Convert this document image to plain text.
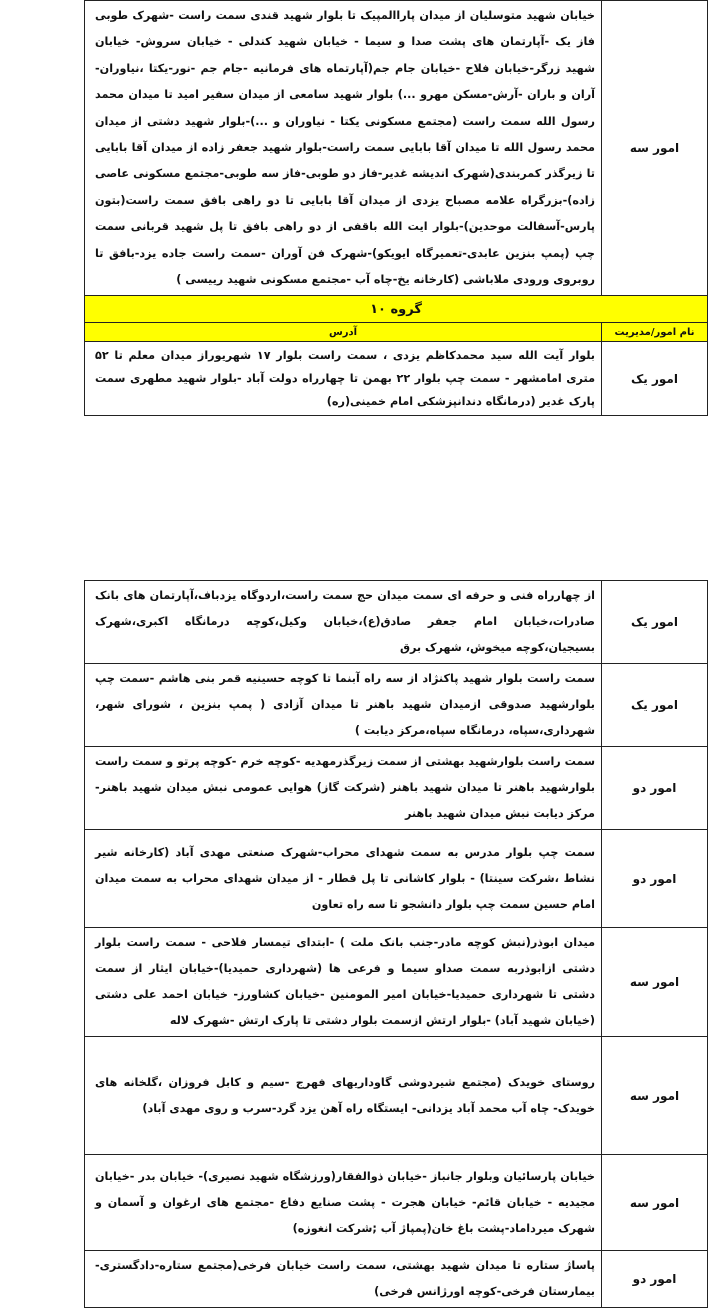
امور سه	خیابان شهید متوسلیان از میدان پاراالمپیک تا بلوار شهید قندی سمت راست -شهرک طوبی فاز یک -آپارتمان های پشت صدا و سیما - خیابان شهید کندلی - خیابان سروش- خیابان شهید زرگر-خیابان فلاح -خیابان جام جم(آپارتماه های فرمانیه -جام جم -نور-یکتا ،نیاوران-آران و باران -آرش-مسکن مهرو ...) بلوار شهید سامعی از میدان سفیر امید تا میدان محمد رسول الله سمت راست (مجتمع مسکونی یکتا - نیاوران و ...)-بلوار شهید دشتی از میدان محمد رسول الله تا میدان آقا بابایی سمت راست-بلوار شهید جعفر زاده از میدان آقا بابایی تا زیرگذر کمربندی(شهرک اندیشه غدیر-فاز دو طوبی-فاز سه طوبی-مجتمع مسکونی عاصی زاده)-بزرگراه علامه مصباح یزدی از میدان آقا بابایی تا دو راهی بافق سمت راست(بتون پارس-آسفالت موحدین)-بلوار ایت الله باقفی از دو راهی بافق تا پل شهید قربانی سمت چپ (پمپ بنزین عابدی-تعمیرگاه ایویکو)-شهرک فن آوران -سمت راست جاده یزد-بافق تا روبروی ورودی ملاباشی (کارخانه یخ-چاه آب -مجتمع مسکونی شهید رییسی )
گروه ۱۰	
نام امور/مدیریت	آدرس
امور یک	بلوار آیت الله سید محمدکاظم یزدی ، سمت راست بلوار ۱۷ شهریوراز میدان معلم تا ۵۲ متری امامشهر - سمت چپ بلوار ۲۲ بهمن تا چهارراه دولت آباد -بلوار شهید مطهری سمت پارک غدیر (درمانگاه دندانپزشکی امام خمینی(ره)
امور یک	از چهارراه فنی و حرفه ای سمت میدان حج سمت راست،اردوگاه یزدباف،آپارتمان های بانک صادرات،خیابان امام جعفر صادق(ع)،خیابان وکیل،کوچه درمانگاه اکبری،شهرک بسیجیان،کوچه میخوش، شهرک برق
امور یک	سمت راست بلوار شهید پاکنژاد از سه راه آبنما تا کوچه حسینیه قمر بنی هاشم -سمت چپ بلوارشهید صدوقی ازمیدان شهید باهنر تا میدان آزادی ( پمپ بنزین ، شورای شهر، شهرداری،سپاه، درمانگاه سپاه،مرکز دیابت )
امور دو	سمت راست بلوارشهید بهشتی از سمت زیرگذرمهدیه -کوچه خرم -کوچه پرتو و سمت راست بلوارشهید باهنر تا میدان شهید باهنر (شرکت گاز) هوایی عمومی نبش میدان شهید باهنر-مرکز دیابت نبش میدان شهید باهنر
امور دو	سمت چپ بلوار مدرس به سمت شهدای محراب-شهرک صنعتی مهدی آباد (کارخانه شیر نشاط ،شرکت سینتا) - بلوار کاشانی تا پل قطار - از میدان شهدای محراب به سمت میدان امام حسین سمت چپ بلوار دانشجو تا سه راه تعاون
امور سه	میدان ابوذر(نبش کوچه مادر-جنب بانک ملت ) -ابتدای تیمسار فلاحی - سمت راست بلوار دشتی ازابوذربه سمت صداو سیما و فرعی ها (شهرداری حمیدیا)-خیابان ایثار از سمت دشتی تا شهرداری حمیدیا-خیابان امیر المومنین -خیابان کشاورز- خیابان احمد علی دشتی (خیابان شهید آباد) -بلوار ارتش ازسمت بلوار دشتی تا پارک ارتش -شهرک لاله
امور سه	روستای خویدک (مجتمع شیردوشی گاوداریهای فهرج -سیم و کابل فروزان ،گلخانه های خویدک- چاه آب محمد آباد یزدانی- ایستگاه راه آهن یزد گرد-سرب و روی مهدی آباد)
امور سه	خیابان پارسائیان وبلوار جانباز -خیابان ذوالفقار(ورزشگاه شهید نصیری)- خیابان بدر -خیابان مجیدیه - خیابان قائم- خیابان هجرت - پشت صنایع دفاع -مجتمع های ارغوان و آسمان و شهرک میرداماد-پشت باغ خان(پمپاژ آب ;شرکت انغوزه)
امور دو	پاساژ ستاره تا میدان شهید بهشتی، سمت راست خیابان فرخی(مجتمع ستاره-دادگستری-بیمارستان فرخی-کوچه اورژانس فرخی)
